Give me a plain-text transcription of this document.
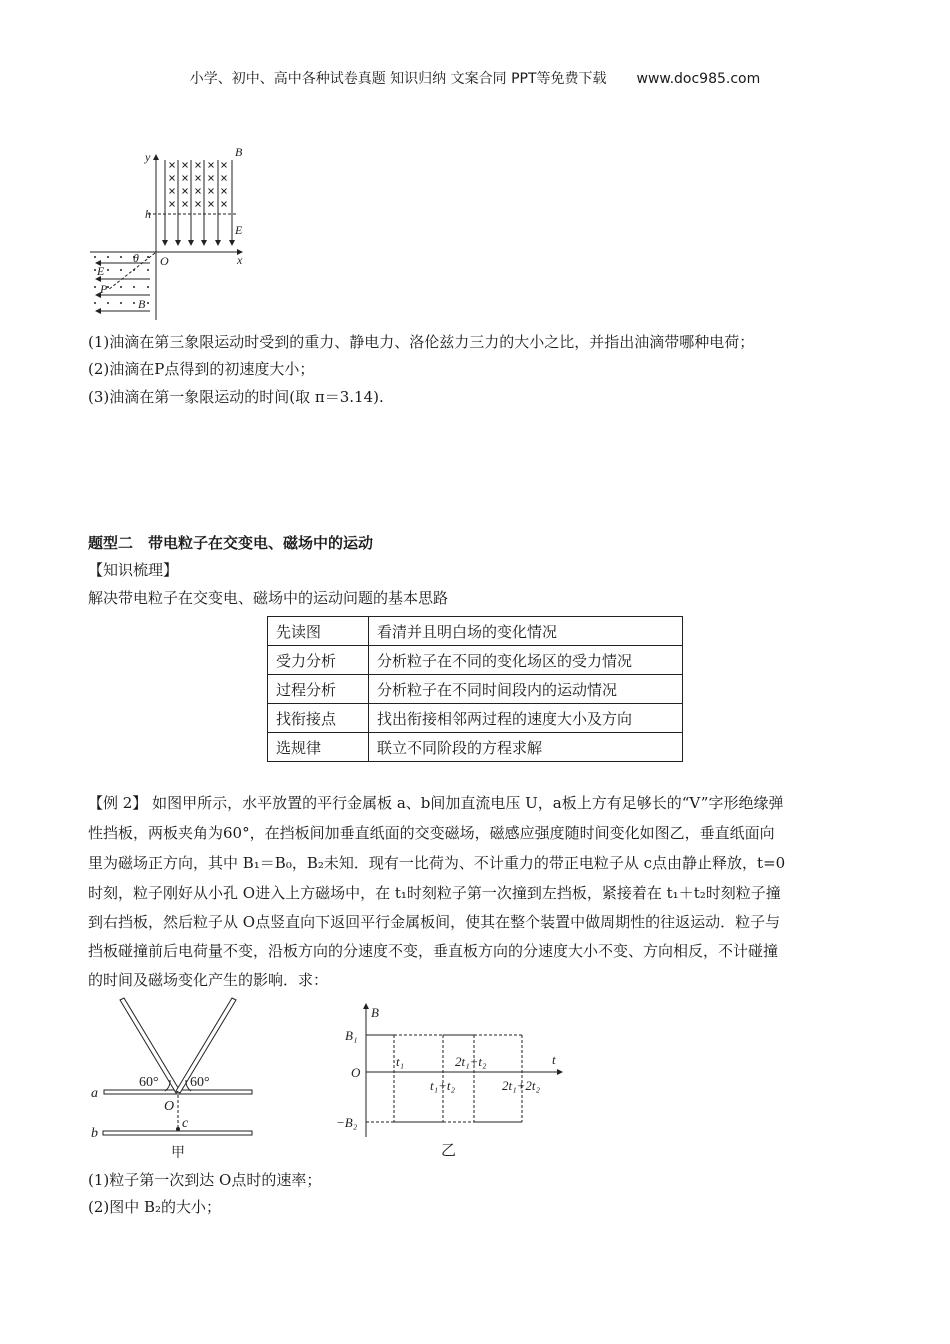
小学、初中、高中各种试卷真题 知识归纳 文案合同 PPT等免费下载 www.doc985.com
y
x
h
O
B
E
θ
E
P
B
60° 60°
a
b
O
c
甲
B
B₁
O
−B₂
t
t₁
t₁+t₂
2t₁+t₂
2t₁+2t₂
乙
(1)油滴在第三象限运动时受到的重力、静电力、洛伦兹力三力的大小之比，并指出油滴带哪种电荷；
(2)油滴在P点得到的初速度大小；
(3)油滴在第一象限运动的时间(取 π＝3.14).
题型二　带电粒子在交变电、磁场中的运动
【知识梳理】
解决带电粒子在交变电、磁场中的运动问题的基本思路
先读图	看清并且明白场的变化情况
受力分析	分析粒子在不同的变化场区的受力情况
过程分析	分析粒子在不同时间段内的运动情况
找衔接点	找出衔接相邻两过程的速度大小及方向
选规律	联立不同阶段的方程求解
【例 2】 如图甲所示，水平放置的平行金属板 a、b间加直流电压 U，a板上方有足够长的“V”字形绝缘弹
性挡板，两板夹角为60°，在挡板间加垂直纸面的交变磁场，磁感应强度随时间变化如图乙，垂直纸面向
里为磁场正方向，其中 B₁＝B₀，B₂未知．现有一比荷为、不计重力的带正电粒子从 c点由静止释放，t=0
时刻，粒子刚好从小孔 O进入上方磁场中，在 t₁时刻粒子第一次撞到左挡板，紧接着在 t₁＋t₂时刻粒子撞
到右挡板，然后粒子从 O点竖直向下返回平行金属板间，使其在整个装置中做周期性的往返运动．粒子与
挡板碰撞前后电荷量不变，沿板方向的分速度不变，垂直板方向的分速度大小不变、方向相反，不计碰撞
的时间及磁场变化产生的影响．求：
(1)粒子第一次到达 O点时的速率；
(2)图中 B₂的大小；
